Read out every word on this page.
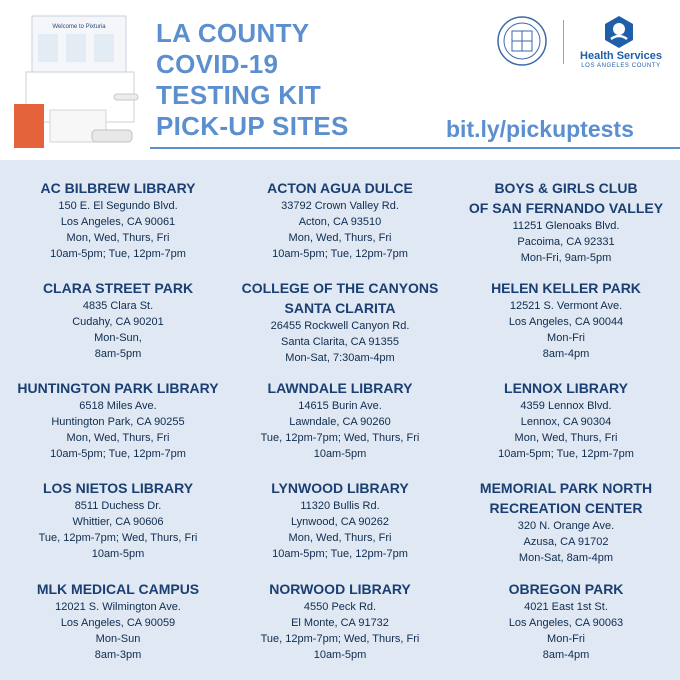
Welcome to Pixturia LA COUNTY
COVID-19
TESTING KIT
PICK-UP SITES
Health Services
LOS ANGELES COUNTY
bit.ly/pickuptests
AC BILBREW LIBRARY
150 E. El Segundo Blvd.
Los Angeles, CA 90061
Mon, Wed, Thurs, Fri
10am-5pm; Tue, 12pm-7pm
ACTON AGUA DULCE
33792 Crown Valley Rd.
Acton, CA 93510
Mon, Wed, Thurs, Fri
10am-5pm; Tue, 12pm-7pm
BOYS & GIRLS CLUB
OF SAN FERNANDO VALLEY
11251 Glenoaks Blvd.
Pacoima, CA 92331
Mon-Fri, 9am-5pm
CLARA STREET PARK
4835 Clara St.
Cudahy, CA 90201
Mon-Sun,
8am-5pm
COLLEGE OF THE CANYONS
SANTA CLARITA
26455 Rockwell Canyon Rd.
Santa Clarita, CA 91355
Mon-Sat, 7:30am-4pm
HELEN KELLER PARK
12521 S. Vermont Ave.
Los Angeles, CA 90044
Mon-Fri
8am-4pm
HUNTINGTON PARK LIBRARY
6518 Miles Ave.
Huntington Park, CA 90255
Mon, Wed, Thurs, Fri
10am-5pm; Tue, 12pm-7pm
LAWNDALE LIBRARY
14615 Burin Ave.
Lawndale, CA 90260
Tue, 12pm-7pm; Wed, Thurs, Fri
10am-5pm
LENNOX LIBRARY
4359 Lennox Blvd.
Lennox, CA 90304
Mon, Wed, Thurs, Fri
10am-5pm; Tue, 12pm-7pm
LOS NIETOS LIBRARY
8511 Duchess Dr.
Whittier, CA 90606
Tue, 12pm-7pm; Wed, Thurs, Fri
10am-5pm
LYNWOOD LIBRARY
11320 Bullis Rd.
Lynwood, CA 90262
Mon, Wed, Thurs, Fri
10am-5pm; Tue, 12pm-7pm
MEMORIAL PARK NORTH
RECREATION CENTER
320 N. Orange Ave.
Azusa, CA 91702
Mon-Sat, 8am-4pm
MLK MEDICAL CAMPUS
12021 S. Wilmington Ave.
Los Angeles, CA 90059
Mon-Sun
8am-3pm
NORWOOD LIBRARY
4550 Peck Rd.
El Monte, CA 91732
Tue, 12pm-7pm; Wed, Thurs, Fri
10am-5pm
OBREGON PARK
4021 East 1st St.
Los Angeles, CA 90063
Mon-Fri
8am-4pm
